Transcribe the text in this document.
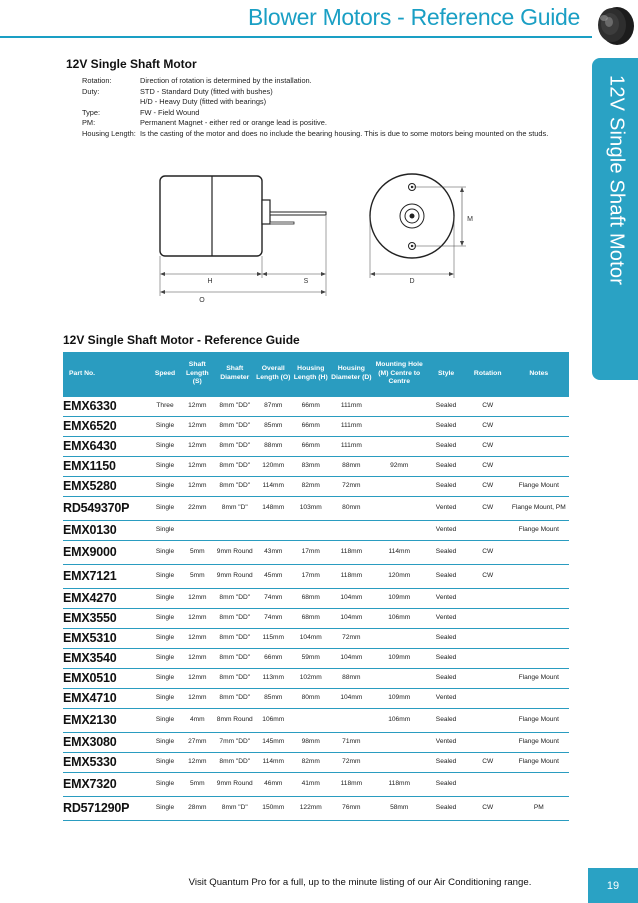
Blower Motors - Reference Guide
12V Single Shaft Motor
12V Single Shaft Motor
Rotation:	Direction of rotation is determined by the installation.
Duty:	STD - Standard Duty (fitted with bushes)
H/D - Heavy Duty (fitted with bearings)
Type:	FW - Field Wound
PM:	Permanent Magnet - either red or orange lead is positive.
Housing Length: Is the casting of the motor and does no include the bearing housing. This is due to some motors being mounted on the studs.
H	S
O
D
M
12V Single Shaft Motor - Reference Guide
Part No.	Speed	Shaft Length (S)	Shaft Diameter	Overall Length (O)	Housing Length (H)	Housing Diameter (D)	Mounting Hole (M) Centre to Centre	Style	Rotation	Notes
EMX6330	Three	12mm	8mm "DD"	87mm	66mm	111mm		Sealed	CW	
EMX6520	Single	12mm	8mm "DD"	85mm	66mm	111mm		Sealed	CW	
EMX6430	Single	12mm	8mm "DD"	88mm	66mm	111mm		Sealed	CW	
EMX1150	Single	12mm	8mm "DD"	120mm	83mm	88mm	92mm	Sealed	CW	
EMX5280	Single	12mm	8mm "DD"	114mm	82mm	72mm		Sealed	CW	Flange Mount
RD549370P	Single	22mm	8mm "D"	148mm	103mm	80mm		Vented	CW	Flange Mount, PM
EMX0130	Single							Vented		Flange Mount
EMX9000	Single	5mm	9mm Round	43mm	17mm	118mm	114mm	Sealed	CW	
EMX7121	Single	5mm	9mm Round	45mm	17mm	118mm	120mm	Sealed	CW	
EMX4270	Single	12mm	8mm "DD"	74mm	68mm	104mm	109mm	Vented		
EMX3550	Single	12mm	8mm "DD"	74mm	68mm	104mm	106mm	Vented		
EMX5310	Single	12mm	8mm "DD"	115mm	104mm	72mm		Sealed		
EMX3540	Single	12mm	8mm "DD"	66mm	59mm	104mm	109mm	Sealed		
EMX0510	Single	12mm	8mm "DD"	113mm	102mm	88mm		Sealed		Flange Mount
EMX4710	Single	12mm	8mm "DD"	85mm	80mm	104mm	109mm	Vented		
EMX2130	Single	4mm	8mm Round	106mm			106mm	Sealed		Flange Mount
EMX3080	Single	27mm	7mm "DD"	145mm	98mm	71mm		Vented		Flange Mount
EMX5330	Single	12mm	8mm "DD"	114mm	82mm	72mm		Sealed	CW	Flange Mount
EMX7320	Single	5mm	9mm Round	46mm	41mm	118mm	118mm	Sealed		
RD571290P	Single	28mm	8mm "D"	150mm	122mm	76mm	58mm	Sealed	CW	PM
Visit Quantum Pro for a full, up to the minute listing of our Air Conditioning range.	19
